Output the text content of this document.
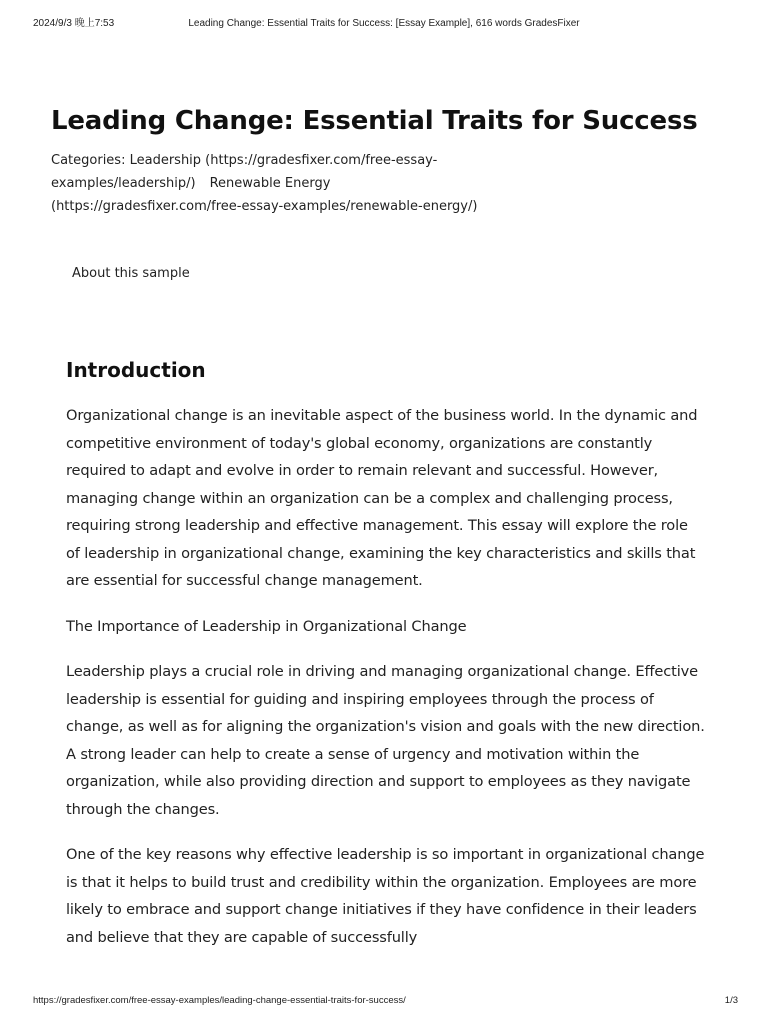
2024/9/3 晚上7:53	Leading Change: Essential Traits for Success: [Essay Example], 616 words GradesFixer
Leading Change: Essential Traits for Success
Categories: Leadership (https://gradesfixer.com/free-essay-examples/leadership/) Renewable Energy (https://gradesfixer.com/free-essay-examples/renewable-energy/)
About this sample
Introduction

Organizational change is an inevitable aspect of the business world. In the dynamic and competitive environment of today's global economy, organizations are constantly required to adapt and evolve in order to remain relevant and successful. However, managing change within an organization can be a complex and challenging process, requiring strong leadership and effective management. This essay will explore the role of leadership in organizational change, examining the key characteristics and skills that are essential for successful change management.

The Importance of Leadership in Organizational Change

Leadership plays a crucial role in driving and managing organizational change. Effective leadership is essential for guiding and inspiring employees through the process of change, as well as for aligning the organization's vision and goals with the new direction. A strong leader can help to create a sense of urgency and motivation within the organization, while also providing direction and support to employees as they navigate through the changes.

One of the key reasons why effective leadership is so important in organizational change is that it helps to build trust and credibility within the organization. Employees are more likely to embrace and support change initiatives if they have confidence in their leaders and believe that they are capable of successfully

https://gradesfixer.com/free-essay-examples/leading-change-essential-traits-for-success/	1/3
